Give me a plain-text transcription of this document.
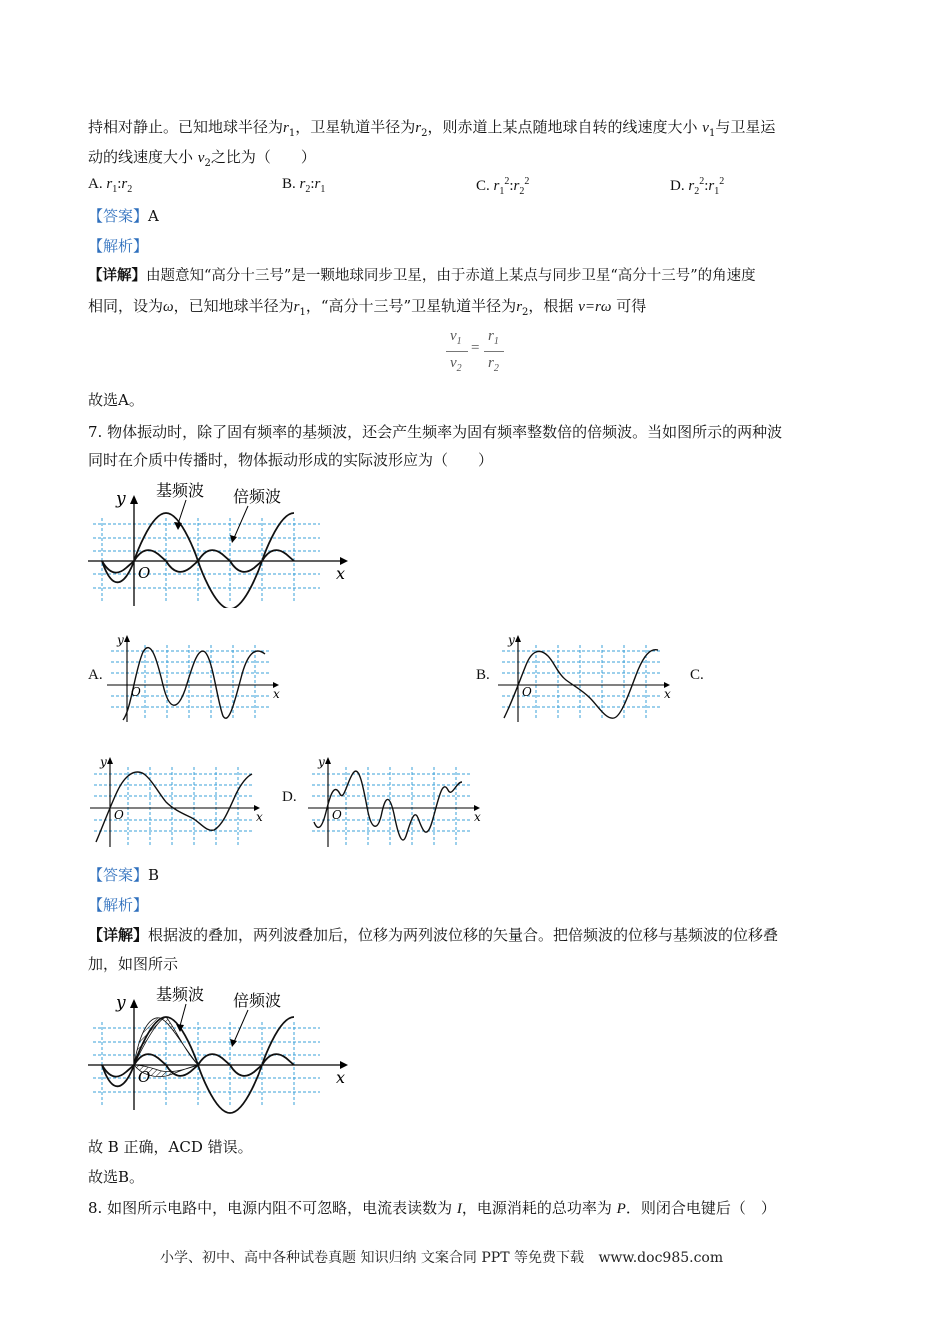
持相对静止。已知地球半径为$r_1$，卫星轨道半径为$r_2$，则赤道上某点随地球自转的线速度大小 $v_1$与卫星运
动的线速度大小 $v_2$之比为（　　）
A. $r_1:r_2$	B. $r_2:r_1$	C. $r_1^2:r_2^2$	D. $r_2^2:r_1^2$
【答案】A
【解析】
【详解】由题意知“高分十三号”是一颗地球同步卫星，由于赤道上某点与同步卫星“高分十三号”的角速度
相同，设为ω，已知地球半径为$r_1$，“高分十三号”卫星轨道半径为$r_2$，根据 v=rω 可得
$v_1$
$v_2$
=
$r_1$
$r_2$
故选A。
7. 物体振动时，除了固有频率的基频波，还会产生频率为固有频率整数倍的倍频波。当如图所示的两种波
同时在介质中传播时，物体振动形成的实际波形应为（　　）
y
x
O
基频波 倍频波
A.
y
x
O
B.
y
x
O
C.
y
x
O
D.
y
x
O
【答案】B
【解析】
【详解】根据波的叠加，两列波叠加后，位移为两列波位移的矢量合。把倍频波的位移与基频波的位移叠
加，如图所示
y
x
O
基频波 倍频波
故 B 正确，ACD 错误。
故选B。
8. 如图所示电路中，电源内阻不可忽略，电流表读数为 I，电源消耗的总功率为 P．则闭合电键后（　）
小学、初中、高中各种试卷真题 知识归纳 文案合同 PPT 等免费下载 www.doc985.com
